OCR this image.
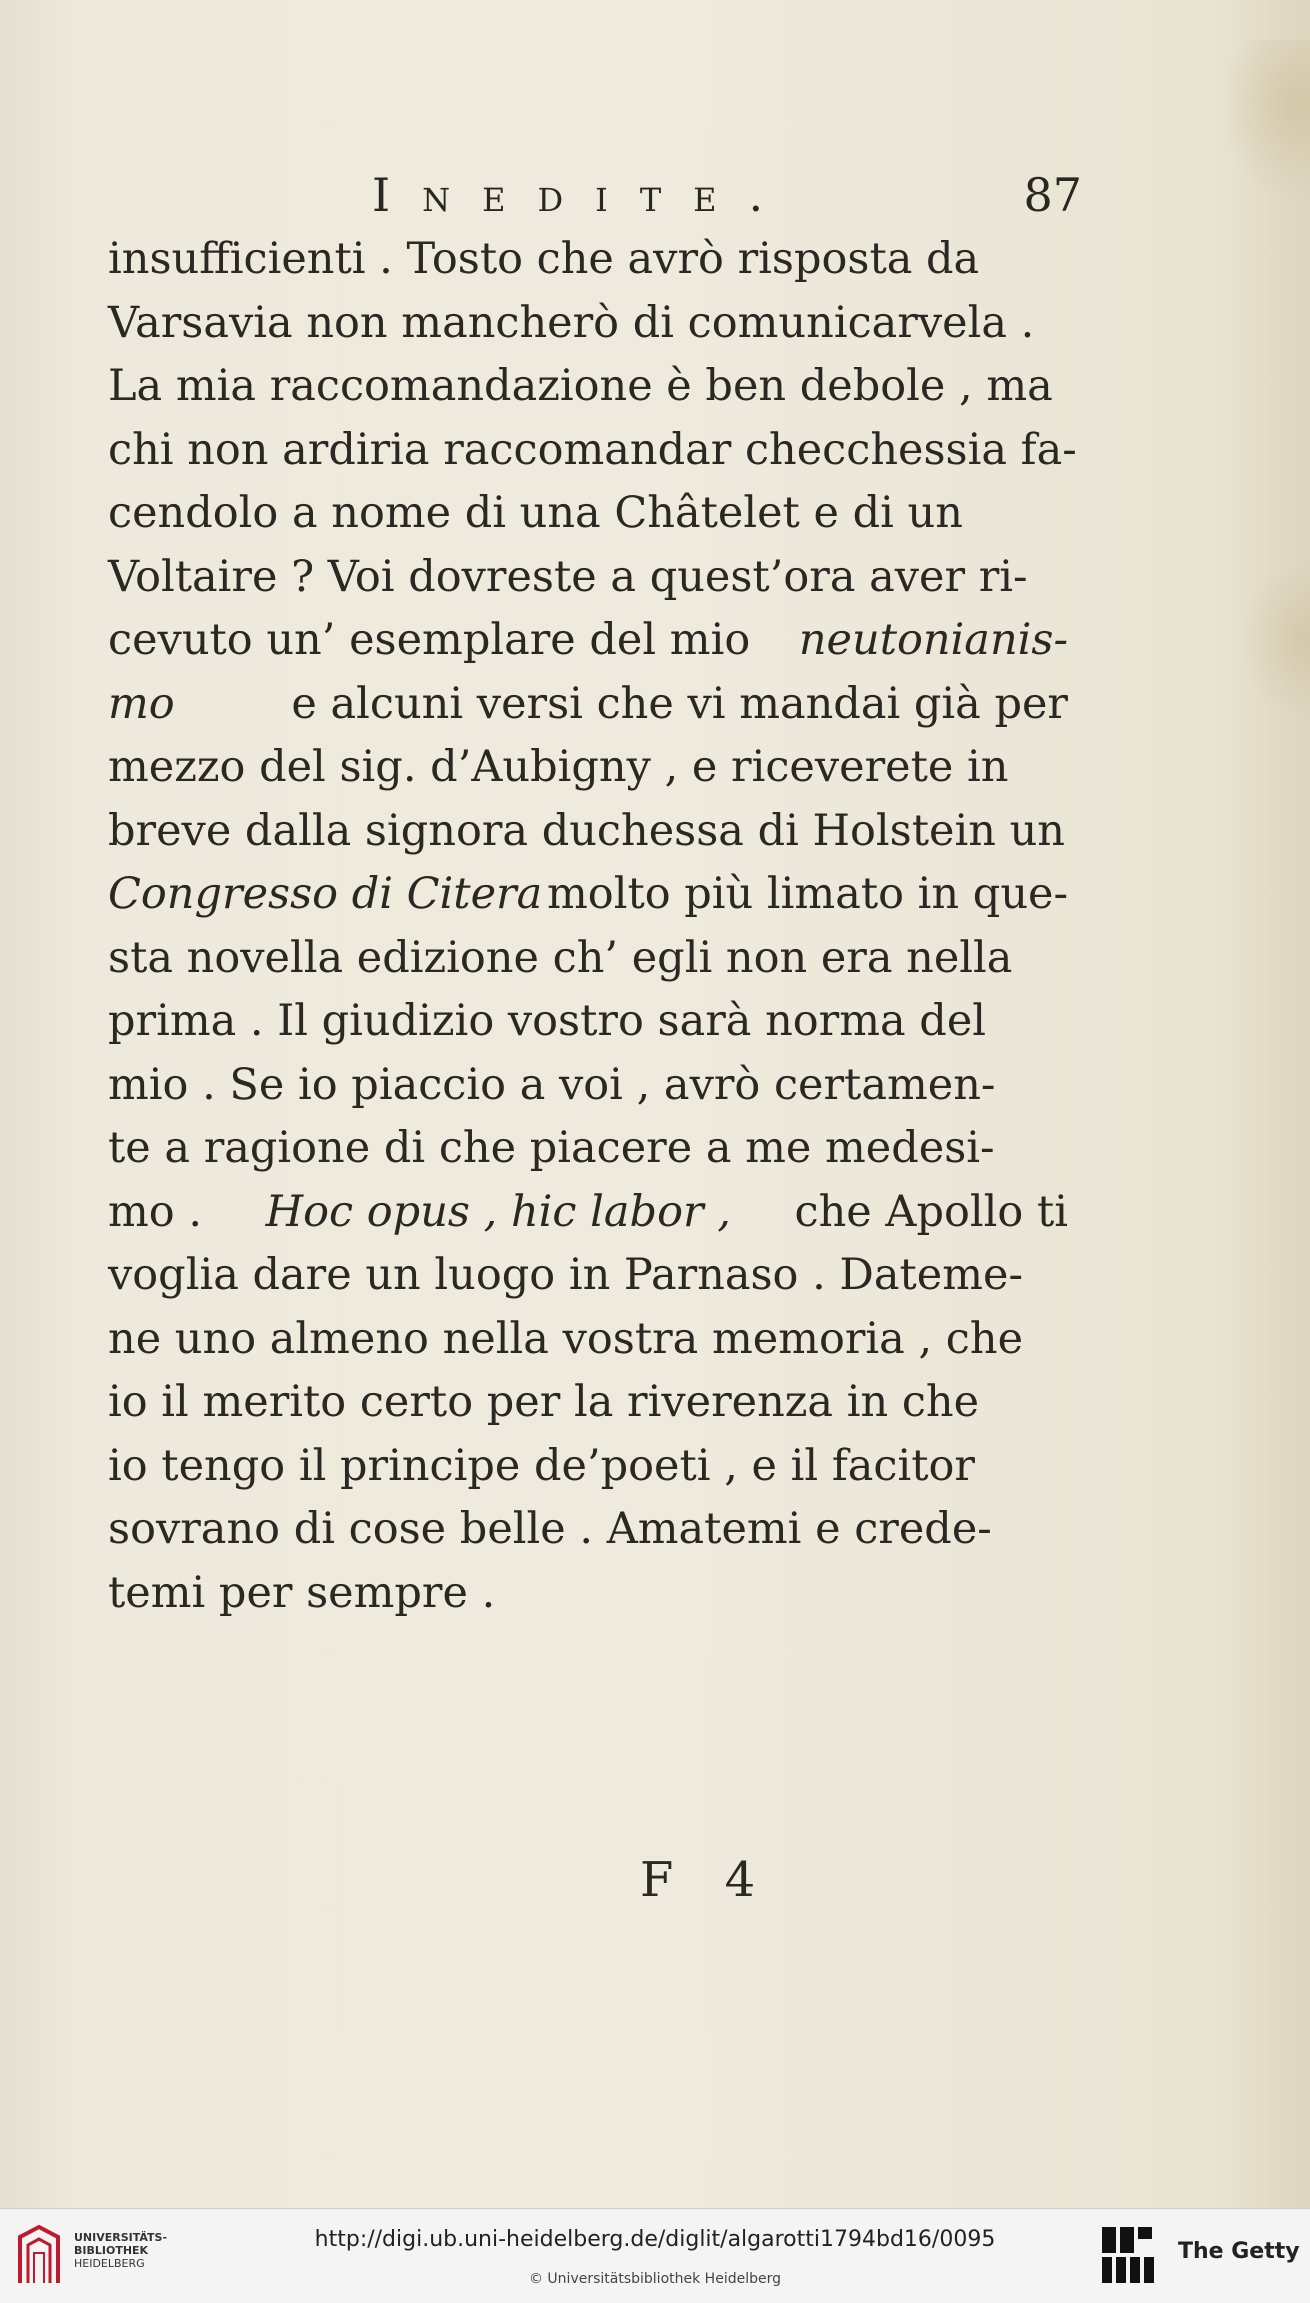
Inedite.	87
insufficienti . Tosto che avrò risposta da
Varsavia non mancherò di comunicarvela .
La mia raccomandazione è ben debole , ma
chi non ardiria raccomandar checchessia fa-
cendolo a nome di una Châtelet e di un
Voltaire ? Voi dovreste a quest’ora aver ri-
cevuto un’ esemplare del mio neutonianis-
mo	e alcuni versi che vi mandai già per
mezzo del sig. d’Aubigny , e riceverete in
breve dalla signora duchessa di Holstein un
Congresso di Citera molto più limato in que-
sta novella edizione ch’ egli non era nella
prima . Il giudizio vostro sarà norma del
mio . Se io piaccio a voi , avrò certamen-
te a ragione di che piacere a me medesi-
mo . Hoc opus , hic labor , che Apollo ti
voglia dare un luogo in Parnaso . Dateme-
ne uno almeno nella vostra memoria , che
io il merito certo per la riverenza in che
io tengo il principe de’poeti , e il facitor
sovrano di cose belle . Amatemi e crede-
temi per sempre .
F 4
UNIVERSITÄTS-
BIBLIOTHEK
HEIDELBERG
http://digi.ub.uni-heidelberg.de/diglit/algarotti1794bd16/0095
© Universitätsbibliothek Heidelberg
The Getty
